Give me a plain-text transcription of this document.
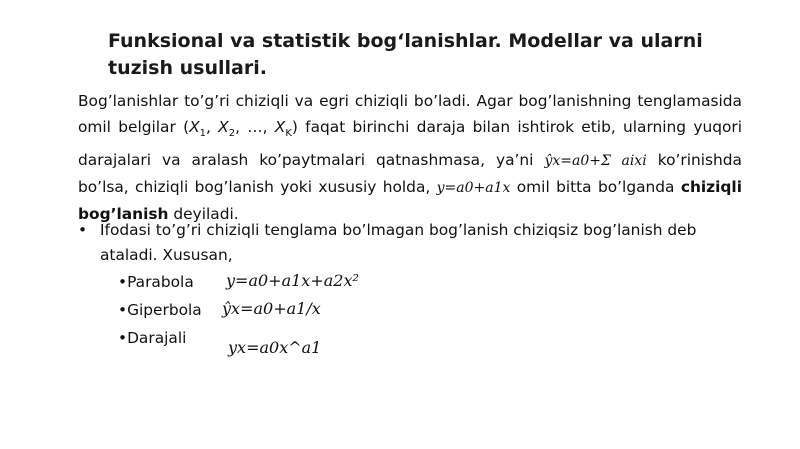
Funksional va statistik bog‘lanishlar. Modellar va ularni tuzish usullari.
Bog’lanishlar to’g’ri chiziqli va egri chiziqli bo’ladi. Agar bog’lanishning tenglamasida omil belgilar ($X_1$, $X_2$, …, $X_K$) faqat birinchi daraja bilan ishtirok etib, ularning yuqori darajalari va aralash ko’paytmalari qatnashmasa, ya’ni ŷx=a0+Σ aixi ko’rinishda bo’lsa, chiziqli bog’lanish yoki xususiy holda, y=a0+a1x omil bitta bo’lganda chiziqli bog’lanish deyiladi.
• Ifodasi to’g’ri chiziqli tenglama bo’lmagan bog’lanish chiziqsiz bog’lanish deb ataladi. Xususan,
•Parabola y=a0+a1x+a2x²
•Giperbola ŷx=a0+a1/x
•Darajali	yx=a0x^a1
